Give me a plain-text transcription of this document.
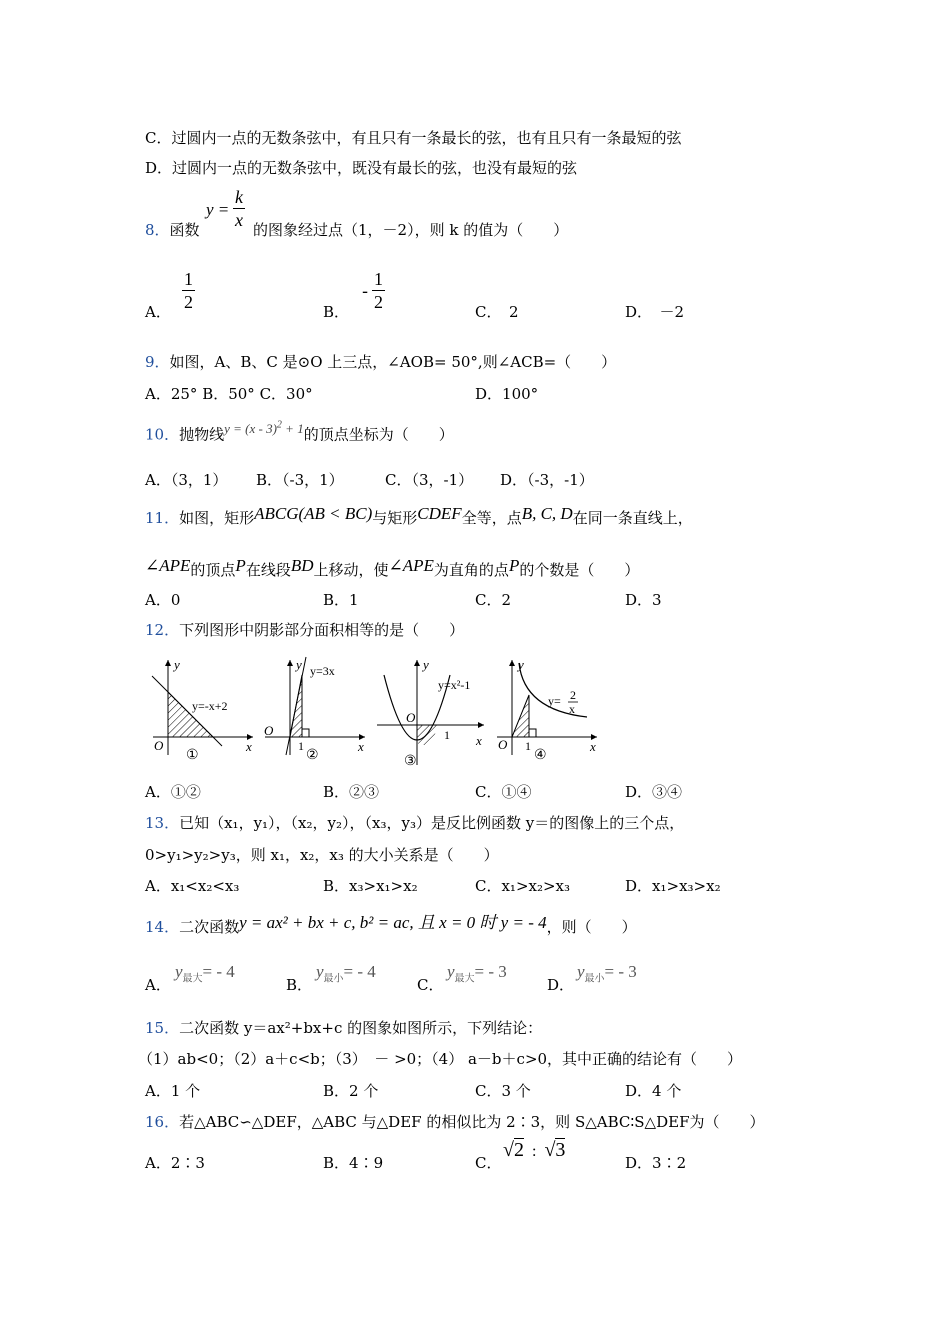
C．过圆内一点的无数条弦中，有且只有一条最长的弦，也有且只有一条最短的弦
D．过圆内一点的无数条弦中，既没有最长的弦，也没有最短的弦
8．函数
$y = \frac{k}{x}$ 的图象经过点（1，－2），则 k 的值为（　　）
A． $\frac{1}{2}$	B．
- $\frac{1}{2}$	C．　2	D．　－2
9．如图，A、B、C 是⊙O 上三点，∠AOB= 50°,则∠ACB=（　　）
A．25° B．50° C．30°	D．100°
10．抛物线y = (x - 3)$^2$ + 1的顶点坐标为（　　）
A．（3，1） B．（-3，1）	C．（3，-1） D．（-3，-1）
11．如图，矩形ABCG(AB < BC)与矩形CDEF全等，点B, C, D在同一条直线上，
∠APE的顶点P在线段BD上移动，使∠APE为直角的点P的个数是（　　）
A．0	B．1	C．2	D．3
12．下列图形中阴影部分面积相等的是（　　）
y
x
O
y=-x+2
①
y
x
O
1
y=3x
②
y
x
O
1
y=x²-1
③
y
x
O 1
y= 2
x
④
A．①②	B．②③	C．①④	D．③④
13．已知（x₁，y₁），（x₂，y₂），（x₃，y₃）是反比例函数 y＝的图像上的三个点，
0>y₁>y₂>y₃，则 x₁，x₂，x₃ 的大小关系是（　　）
A．x₁<x₂<x₃	B．x₃>x₁>x₂	C．x₁>x₂>x₃	D．x₁>x₃>x₂
14．二次函数y = ax² + bx + c, b² = ac, 且 x = 0 时 y = - 4，则（　　）
A．
$y_{最大}= - 4$
B．
$y_{最小}= - 4$
C．
$y_{最大}= - 3$
D．
$y_{最小}= - 3$
15．二次函数 y＝ax²+bx+c 的图象如图所示，下列结论：
（1）ab<0；（2）a＋c<b；（3）　－ >0；（4） a－b＋c>0，其中正确的结论有（　　）
A．1 个	B．2 个	C．3 个	D．4 个
16．若△ABC∽△DEF，△ABC 与△DEF 的相似比为 2∶3，则 S△ABC∶S△DEF为（　　）
A．2∶3	B．4∶9	C．
√2 : √3
D．3∶2
